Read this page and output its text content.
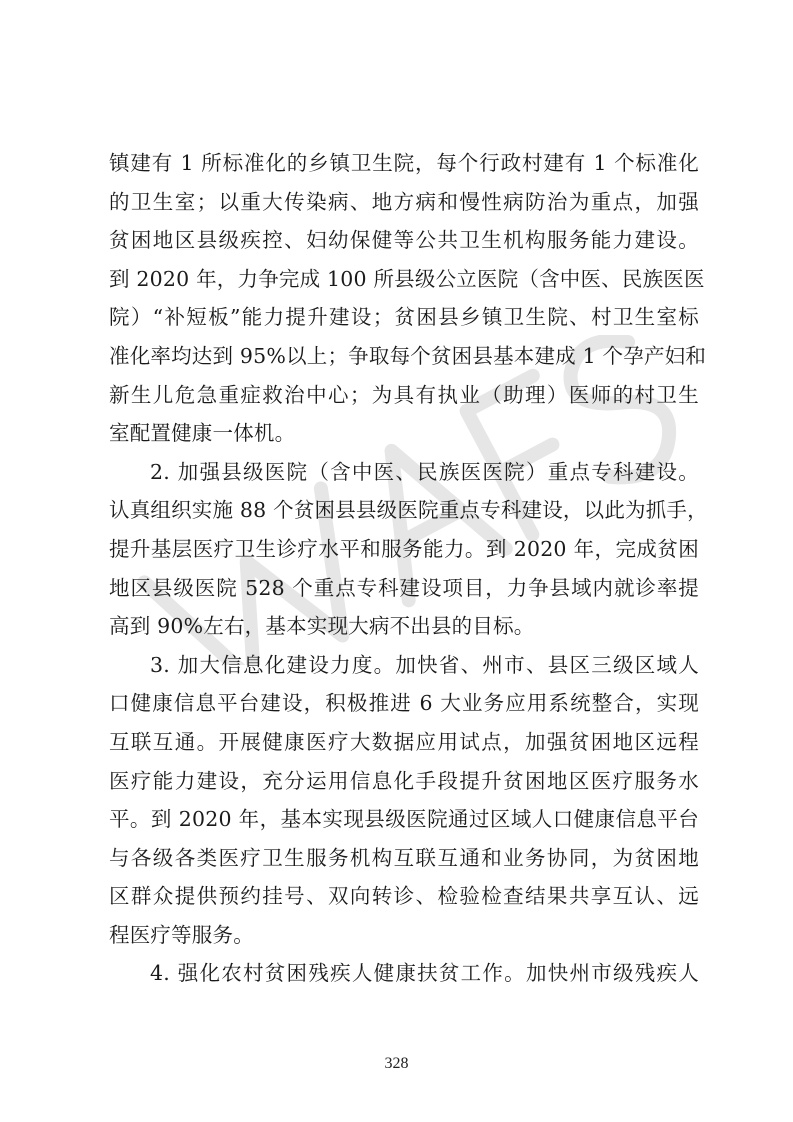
镇建有 1 所标准化的乡镇卫生院，每个行政村建有 1 个标准化
的卫生室；以重大传染病、地方病和慢性病防治为重点，加强
贫困地区县级疾控、妇幼保健等公共卫生机构服务能力建设。
到 2020 年，力争完成 100 所县级公立医院（含中医、民族医医
院）“补短板”能力提升建设；贫困县乡镇卫生院、村卫生室标
准化率均达到 95%以上；争取每个贫困县基本建成 1 个孕产妇和
新生儿危急重症救治中心；为具有执业（助理）医师的村卫生
室配置健康一体机。
2. 加强县级医院（含中医、民族医医院）重点专科建设。
认真组织实施 88 个贫困县县级医院重点专科建设，以此为抓手，
提升基层医疗卫生诊疗水平和服务能力。到 2020 年，完成贫困
地区县级医院 528 个重点专科建设项目，力争县域内就诊率提
高到 90%左右，基本实现大病不出县的目标。
3. 加大信息化建设力度。加快省、州市、县区三级区域人
口健康信息平台建设，积极推进 6 大业务应用系统整合，实现
互联互通。开展健康医疗大数据应用试点，加强贫困地区远程
医疗能力建设，充分运用信息化手段提升贫困地区医疗服务水
平。到 2020 年，基本实现县级医院通过区域人口健康信息平台
与各级各类医疗卫生服务机构互联互通和业务协同，为贫困地
区群众提供预约挂号、双向转诊、检验检查结果共享互认、远
程医疗等服务。
4. 强化农村贫困残疾人健康扶贫工作。加快州市级残疾人
328
